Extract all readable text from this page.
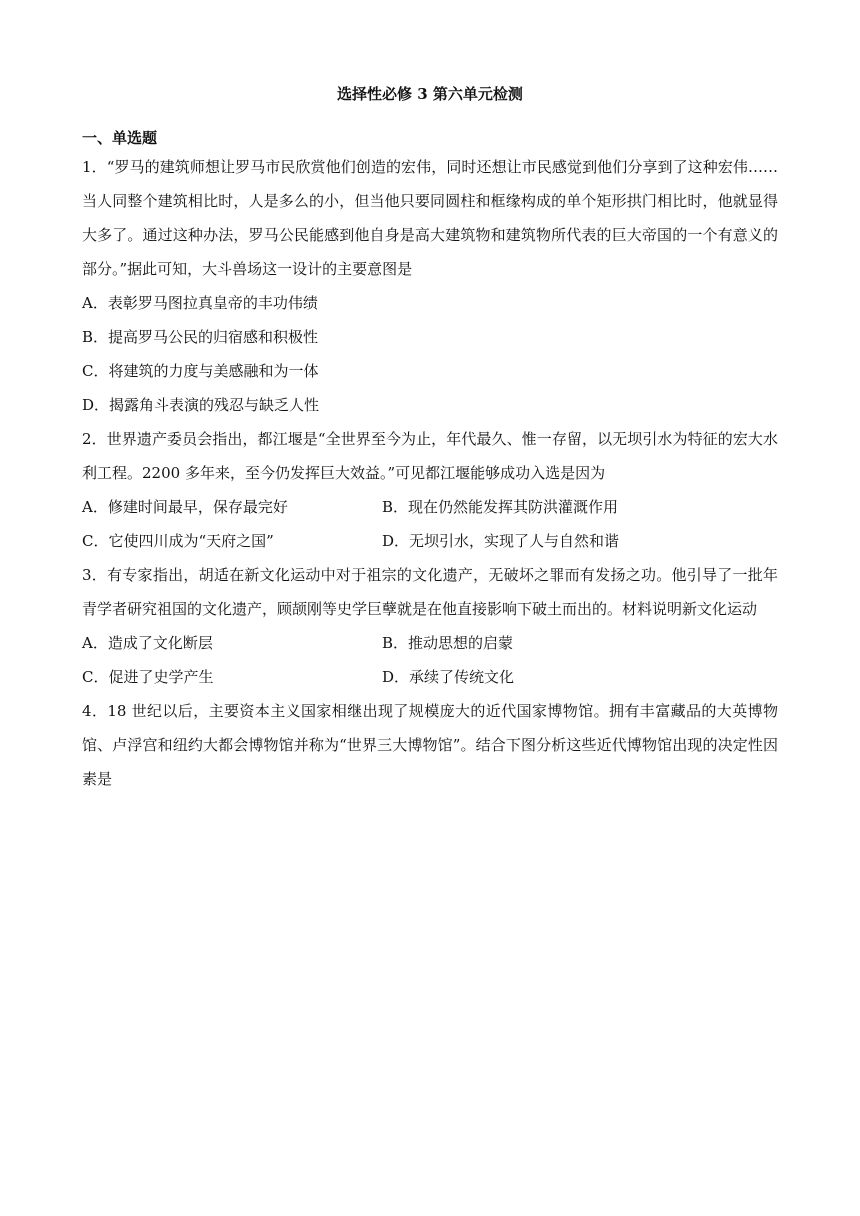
选择性必修 3 第六单元检测
一、单选题

1．“罗马的建筑师想让罗马市民欣赏他们创造的宏伟，同时还想让市民感觉到他们分享到了这种宏伟……当人同整个建筑相比时，人是多么的小，但当他只要同圆柱和框缘构成的单个矩形拱门相比时，他就显得大多了。通过这种办法，罗马公民能感到他自身是高大建筑物和建筑物所代表的巨大帝国的一个有意义的部分。”据此可知，大斗兽场这一设计的主要意图是

A．表彰罗马图拉真皇帝的丰功伟绩

B．提高罗马公民的归宿感和积极性

C．将建筑的力度与美感融和为一体

D．揭露角斗表演的残忍与缺乏人性

2．世界遗产委员会指出，都江堰是“全世界至今为止，年代最久、惟一存留，以无坝引水为特征的宏大水利工程。2200 多年来，至今仍发挥巨大效益。”可见都江堰能够成功入选是因为

A．修建时间最早，保存最完好	B．现在仍然能发挥其防洪灌溉作用

C．它使四川成为“天府之国”	D．无坝引水，实现了人与自然和谐

3．有专家指出，胡适在新文化运动中对于祖宗的文化遗产，无破坏之罪而有发扬之功。他引导了一批年青学者研究祖国的文化遗产，顾颉刚等史学巨孽就是在他直接影响下破土而出的。材料说明新文化运动

A．造成了文化断层	B．推动思想的启蒙

C．促进了史学产生	D．承续了传统文化

4．18 世纪以后，主要资本主义国家相继出现了规模庞大的近代国家博物馆。拥有丰富藏品的大英博物馆、卢浮宫和纽约大都会博物馆并称为“世界三大博物馆”。结合下图分析这些近代博物馆出现的决定性因素是
